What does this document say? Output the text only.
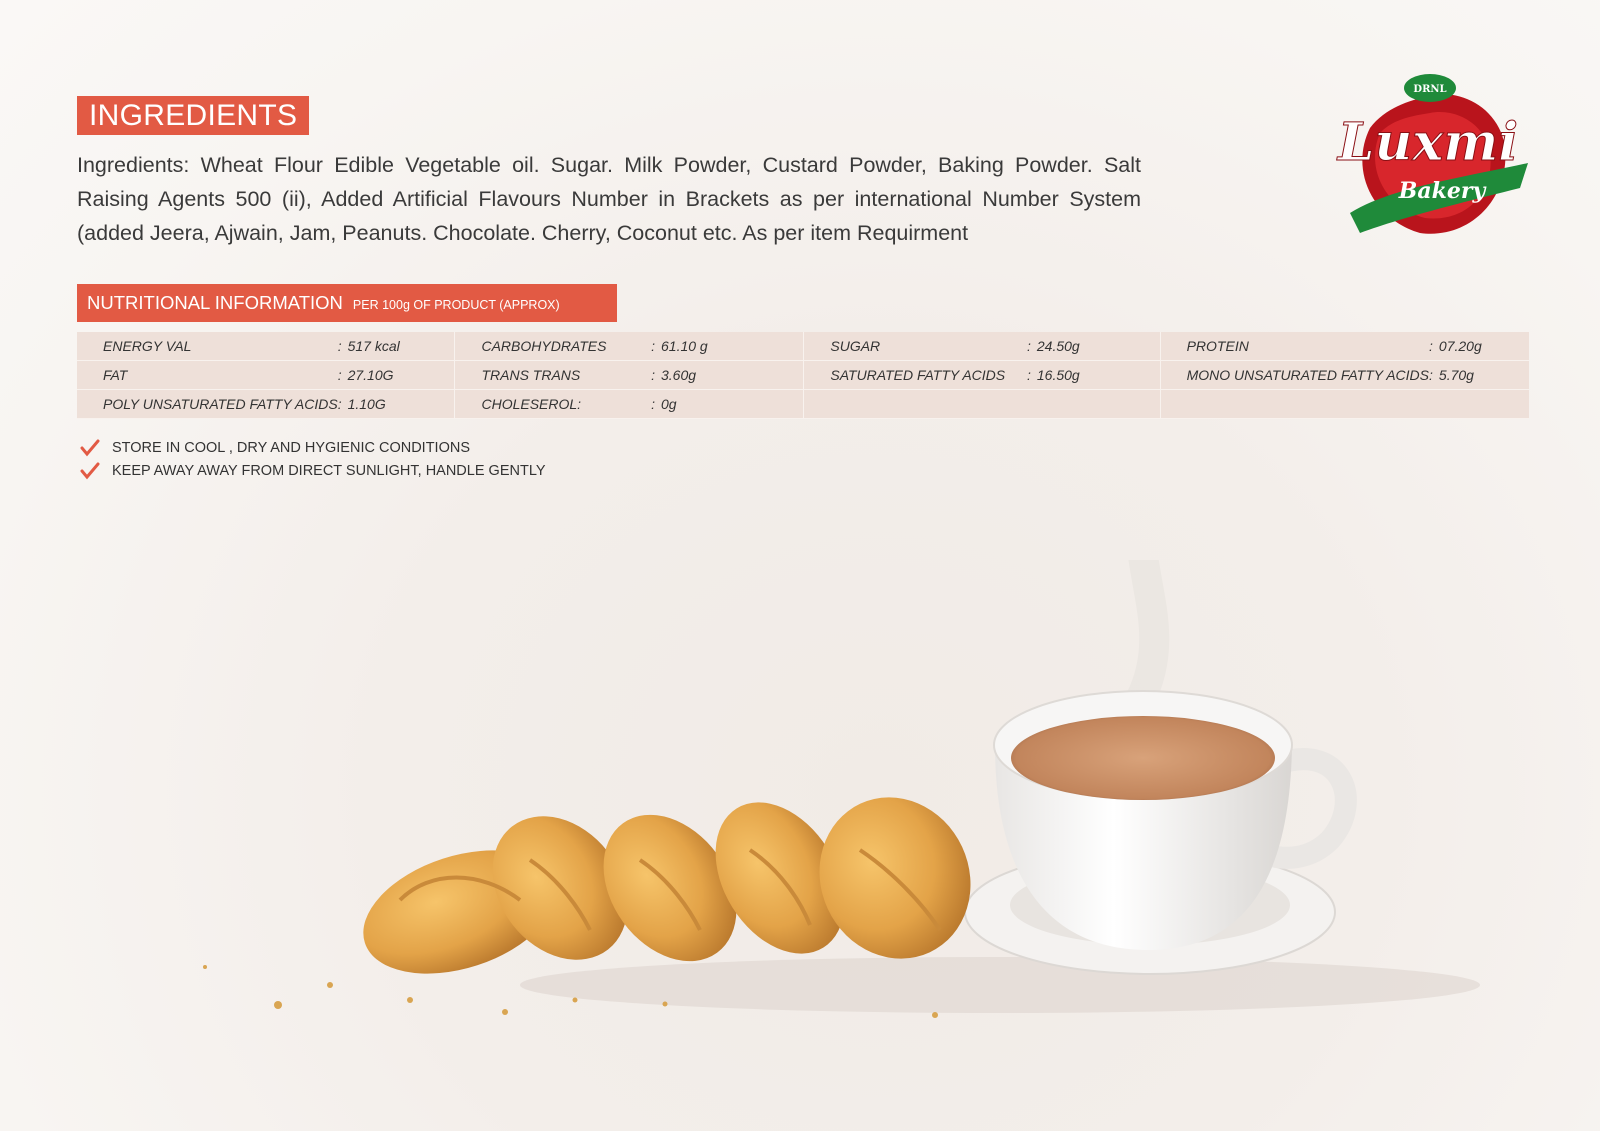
INGREDIENTS

Ingredients: Wheat Flour Edible Vegetable oil. Sugar. Milk Powder, Custard Powder, Baking Powder. Salt Raising Agents 500 (ii), Added Artificial Flavours Number in Brackets as per international Number System (added Jeera, Ajwain, Jam, Peanuts. Chocolate. Cherry, Coconut etc. As per item Requirment

DRNL
Luxmi
Bakery
NUTRITIONAL INFORMATION PER 100g OF PRODUCT (APPROX)
ENERGY VAL	: 517 kcal	CARBOHYDRATES	: 61.10 g	SUGAR	: 24.50g	PROTEIN	: 07.20g
FAT	: 27.10G	TRANS TRANS	: 3.60g	SATURATED FATTY ACIDS	: 16.50g	MONO UNSATURATED FATTY ACIDS	: 5.70g
POLY UNSATURATED FATTY ACIDS	: 1.10G	CHOLESEROL:	: 0g				
STORE IN COOL , DRY AND HYGIENIC CONDITIONS
KEEP AWAY AWAY FROM DIRECT SUNLIGHT, HANDLE GENTLY
